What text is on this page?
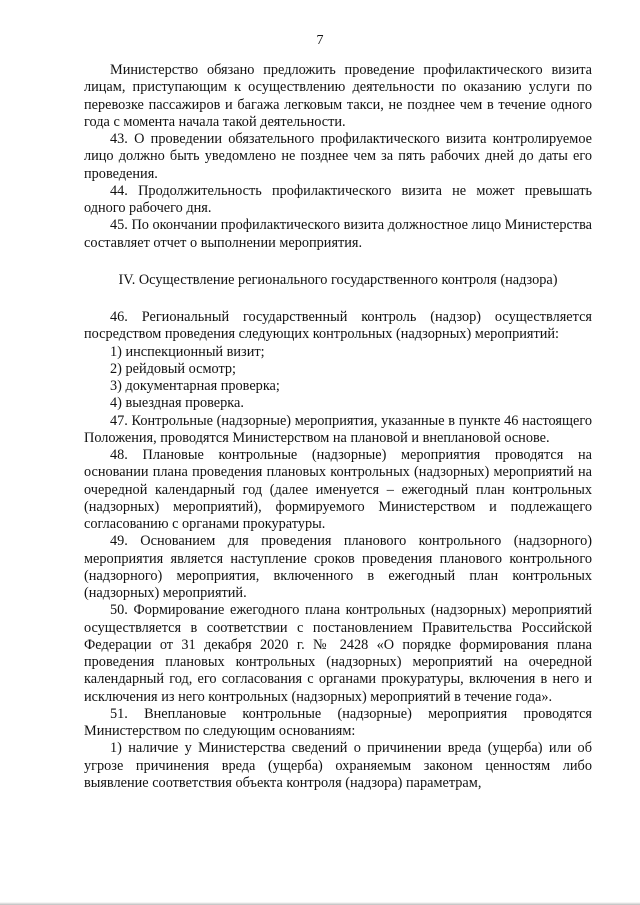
7

Министерство обязано предложить проведение профилактического визита лицам, приступающим к осуществлению деятельности по оказанию услуги по перевозке пассажиров и багажа легковым такси, не позднее чем в течение одного года с момента начала такой деятельности.

43. О проведении обязательного профилактического визита контролируемое лицо должно быть уведомлено не позднее чем за пять рабочих дней до даты его проведения.

44. Продолжительность профилактического визита не может превышать одного рабочего дня.

45. По окончании профилактического визита должностное лицо Министерства составляет отчет о выполнении мероприятия.

IV. Осуществление регионального государственного контроля (надзора)

46. Региональный государственный контроль (надзор) осуществляется посредством проведения следующих контрольных (надзорных) мероприятий:

1) инспекционный визит;

2) рейдовый осмотр;

3) документарная проверка;

4) выездная проверка.

47. Контрольные (надзорные) мероприятия, указанные в пункте 46 настоящего Положения, проводятся Министерством на плановой и внеплановой основе.

48. Плановые контрольные (надзорные) мероприятия проводятся на основании плана проведения плановых контрольных (надзорных) мероприятий на очередной календарный год (далее именуется – ежегодный план контрольных (надзорных) мероприятий), формируемого Министерством и подлежащего согласованию с органами прокуратуры.

49. Основанием для проведения планового контрольного (надзорного) мероприятия является наступление сроков проведения планового контрольного (надзорного) мероприятия, включенного в ежегодный план контрольных (надзорных) мероприятий.

50. Формирование ежегодного плана контрольных (надзорных) мероприятий осуществляется в соответствии с постановлением Правительства Российской Федерации от 31 декабря 2020 г. № 2428 «О порядке формирования плана проведения плановых контрольных (надзорных) мероприятий на очередной календарный год, его согласования с органами прокуратуры, включения в него и исключения из него контрольных (надзорных) мероприятий в течение года».

51. Внеплановые контрольные (надзорные) мероприятия проводятся Министерством по следующим основаниям:

1) наличие у Министерства сведений о причинении вреда (ущерба) или об угрозе причинения вреда (ущерба) охраняемым законом ценностям либо выявление соответствия объекта контроля (надзора) параметрам,
